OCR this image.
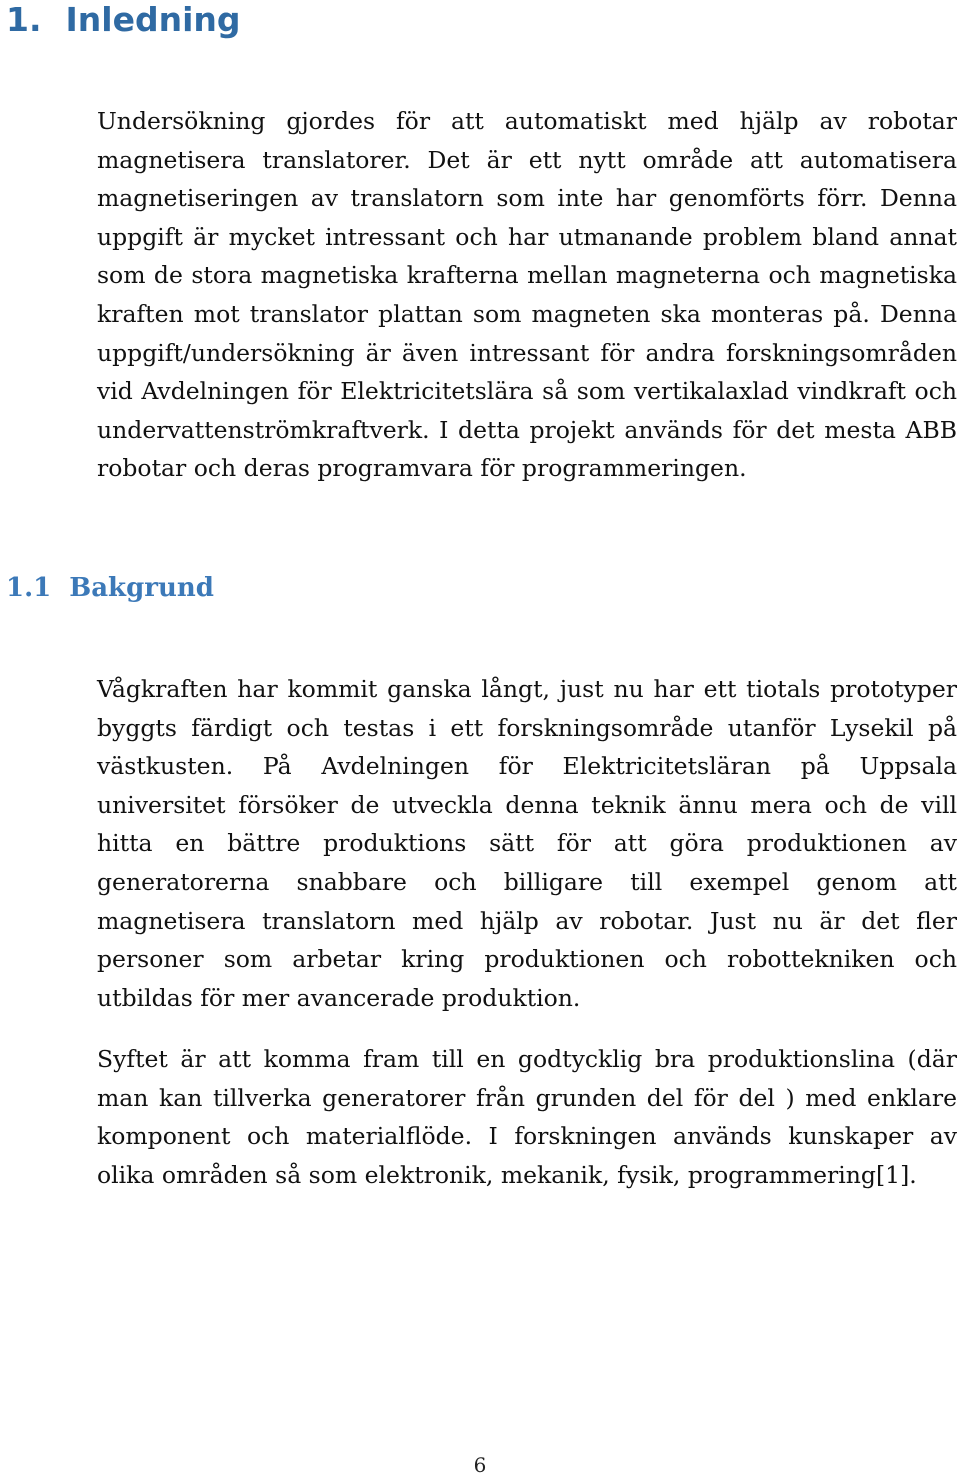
1. Inledning

Undersökning gjordes för att automatiskt med hjälp av robotar magnetisera translatorer. Det är ett nytt område att automatisera magnetiseringen av translatorn som inte har genomförts förr. Denna uppgift är mycket intressant och har utmanande problem bland annat som de stora magnetiska krafterna mellan magneterna och magnetiska kraften mot translator plattan som magneten ska monteras på. Denna uppgift/undersökning är även intressant för andra forskningsområden vid Avdelningen för Elektricitetslära så som vertikalaxlad vindkraft och undervattenströmkraftverk. I detta projekt används för det mesta ABB robotar och deras programvara för programmeringen.

1.1 Bakgrund

Vågkraften har kommit ganska långt, just nu har ett tiotals prototyper byggts färdigt och testas i ett forskningsområde utanför Lysekil på västkusten. På Avdelningen för Elektricitetsläran på Uppsala universitet försöker de utveckla denna teknik ännu mera och de vill hitta en bättre produktions sätt för att göra produktionen av generatorerna snabbare och billigare till exempel genom att magnetisera translatorn med hjälp av robotar. Just nu är det fler personer som arbetar kring produktionen och robottekniken och utbildas för mer avancerade produktion.

Syftet är att komma fram till en godtycklig bra produktionslina (där man kan tillverka generatorer från grunden del för del ) med enklare komponent och materialflöde. I forskningen används kunskaper av olika områden så som elektronik, mekanik, fysik, programmering[1].

6
